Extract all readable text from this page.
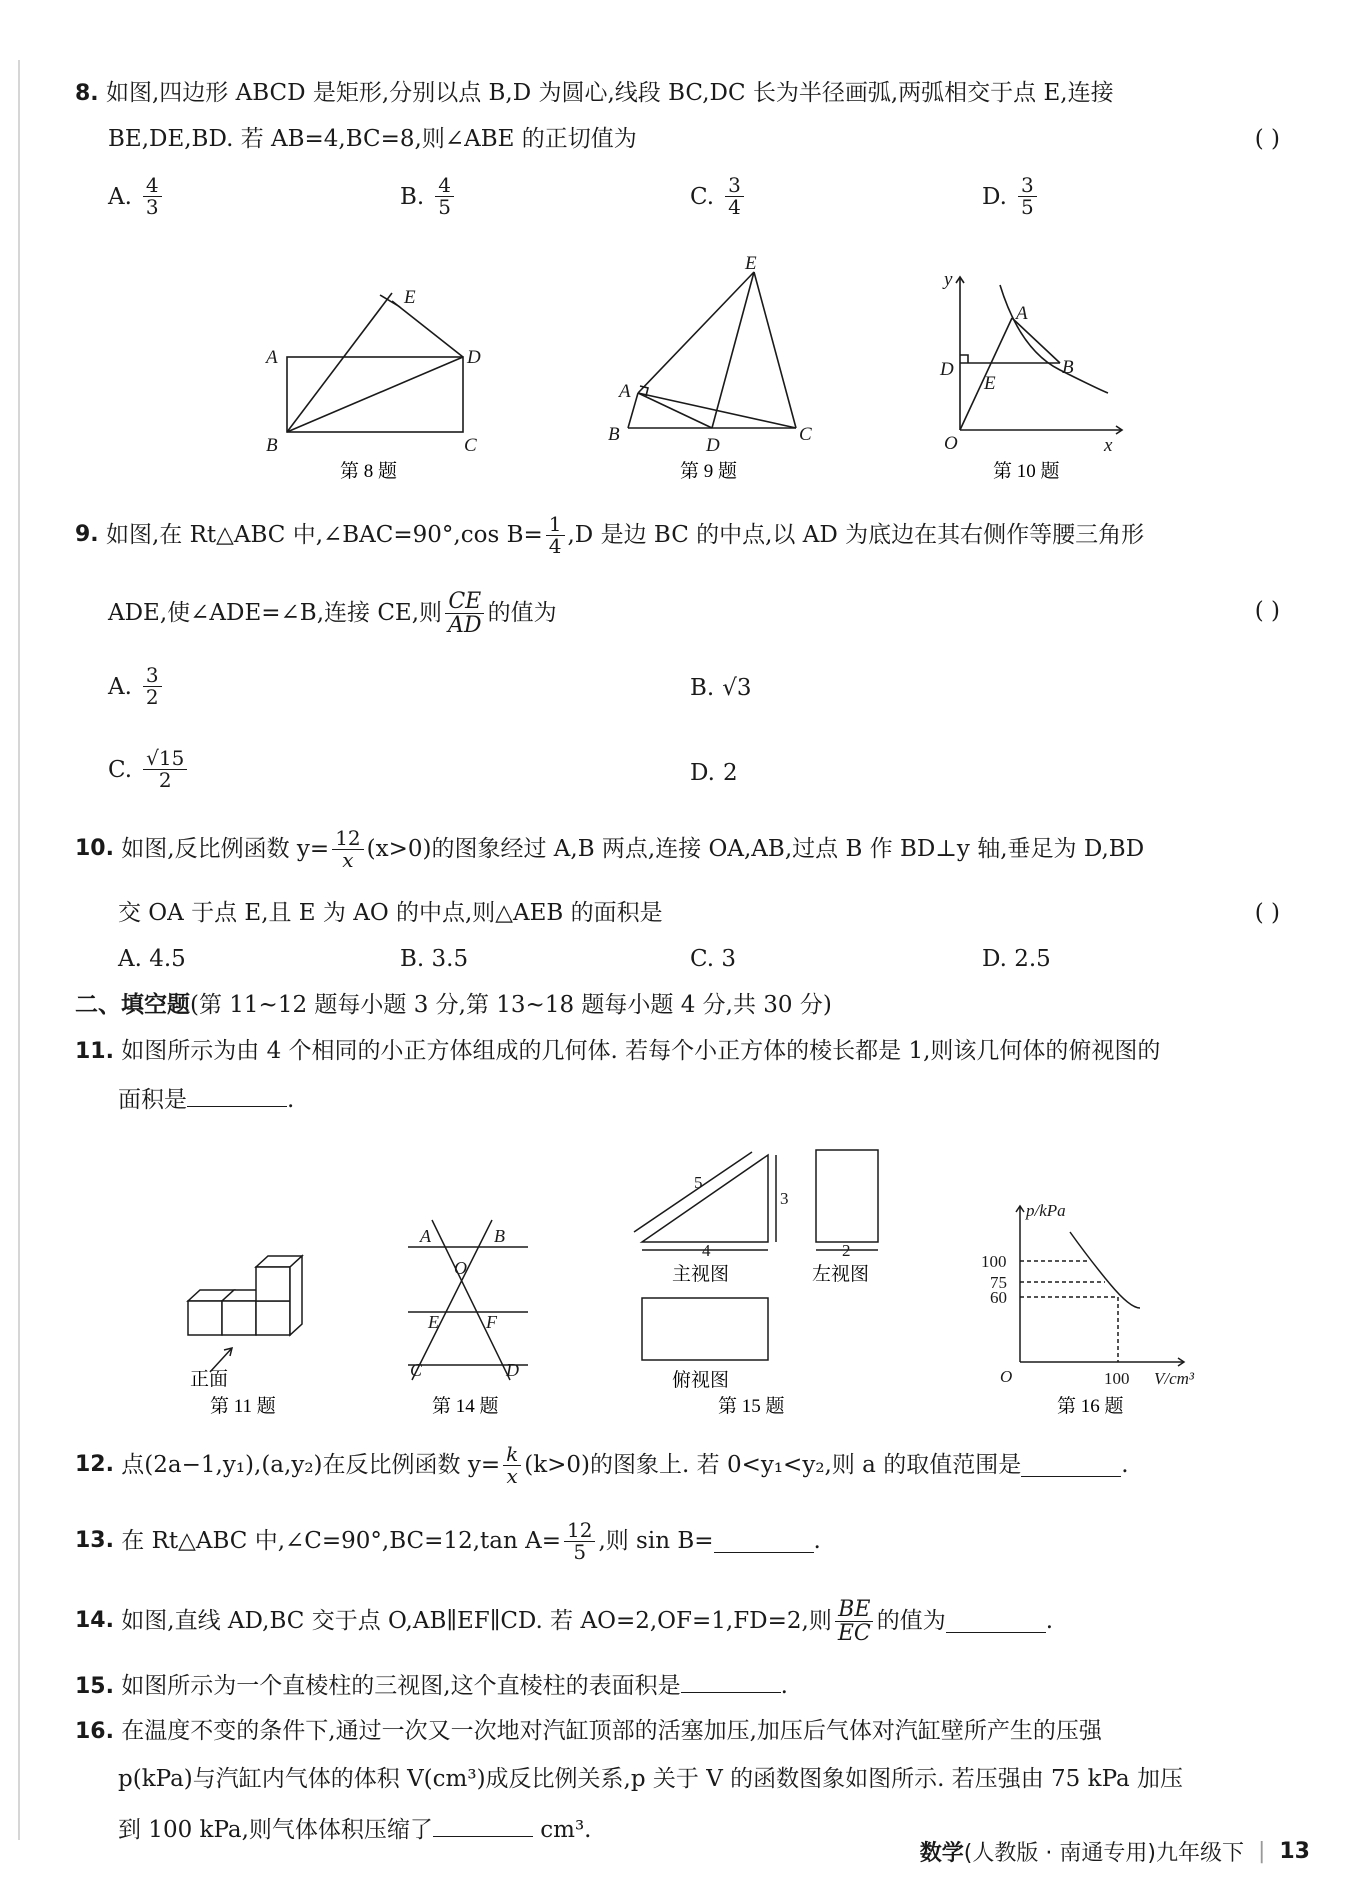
8. 如图,四边形 ABCD 是矩形,分别以点 B,D 为圆心,线段 BC,DC 长为半径画弧,两弧相交于点 E,连接
BE,DE,BD. 若 AB=4,BC=8,则∠ABE 的正切值为	( )
A. $\frac{4}{3}$	B. $\frac{4}{5}$	C. $\frac{3}{4}$	D. $\frac{3}{5}$
A
B	C
D
E
第 8 题
A
B	C
D
E
第 9 题
y
x
O
A
B
D
E
第 10 题
9.
如图,在 Rt△ABC 中,∠BAC=90°,cos $B= \frac{1}{4} ,D$ 是边 BC 的中点,以 AD 为底边在其右侧作等腰三角形
ADE,使∠ADE=∠B,连接 CE,则 $\frac{CE}{AD}$ 的值为	( )
A. $\frac{3}{2}$	B. √3
C. $\frac{√15}{2}$	D. 2
10.
如图,反比例函数 $y= \frac{12}{x} (x>0)$的图象经过 A,B 两点,连接 OA,AB,过点 B 作 BD⊥y 轴,垂足为 D,BD
交 OA 于点 E,且 E 为 AO 的中点,则△AEB 的面积是	( )
A. 4.5	B. 3.5	C. 3	D. 2.5
二、填空题(第 11~12 题每小题 3 分,第 13~18 题每小题 4 分,共 30 分)
11. 如图所示为由 4 个相同的小正方体组成的几何体. 若每个小正方体的棱长都是 1,则该几何体的俯视图的
面积是	.
正面
第 11 题
A	B
O
E	F
C	D
第 14 题
5
3
4	2
主视图	左视图
俯视图
第 15 题
p/kPa
100
75
60
O	100 V/cm³
第 16 题
12.
点(2a−1,y₁),(a,y₂)在反比例函数 $y= \frac{k}{x} (k>0)$的图象上. 若 0<y₁<y₂,则 a 的取值范围是	.
13.
在 Rt△ABC 中,∠C=90°,BC=12,tan $A= \frac{12}{5}$ ,则 sin B=	.
14.
如图,直线 AD,BC 交于点 O,AB∥EF∥CD. 若 AO=2,OF=1,FD=2,则 $\frac{BE}{EC}$ 的值为	.
15. 如图所示为一个直棱柱的三视图,这个直棱柱的表面积是	.
16. 在温度不变的条件下,通过一次又一次地对汽缸顶部的活塞加压,加压后气体对汽缸壁所产生的压强
p(kPa)与汽缸内气体的体积 V(cm³)成反比例关系,p 关于 V 的函数图象如图所示. 若压强由 75 kPa 加压
到 100 kPa,则气体体积压缩了	cm³.
数学(人教版 · 南通专用)九年级下 | 13
